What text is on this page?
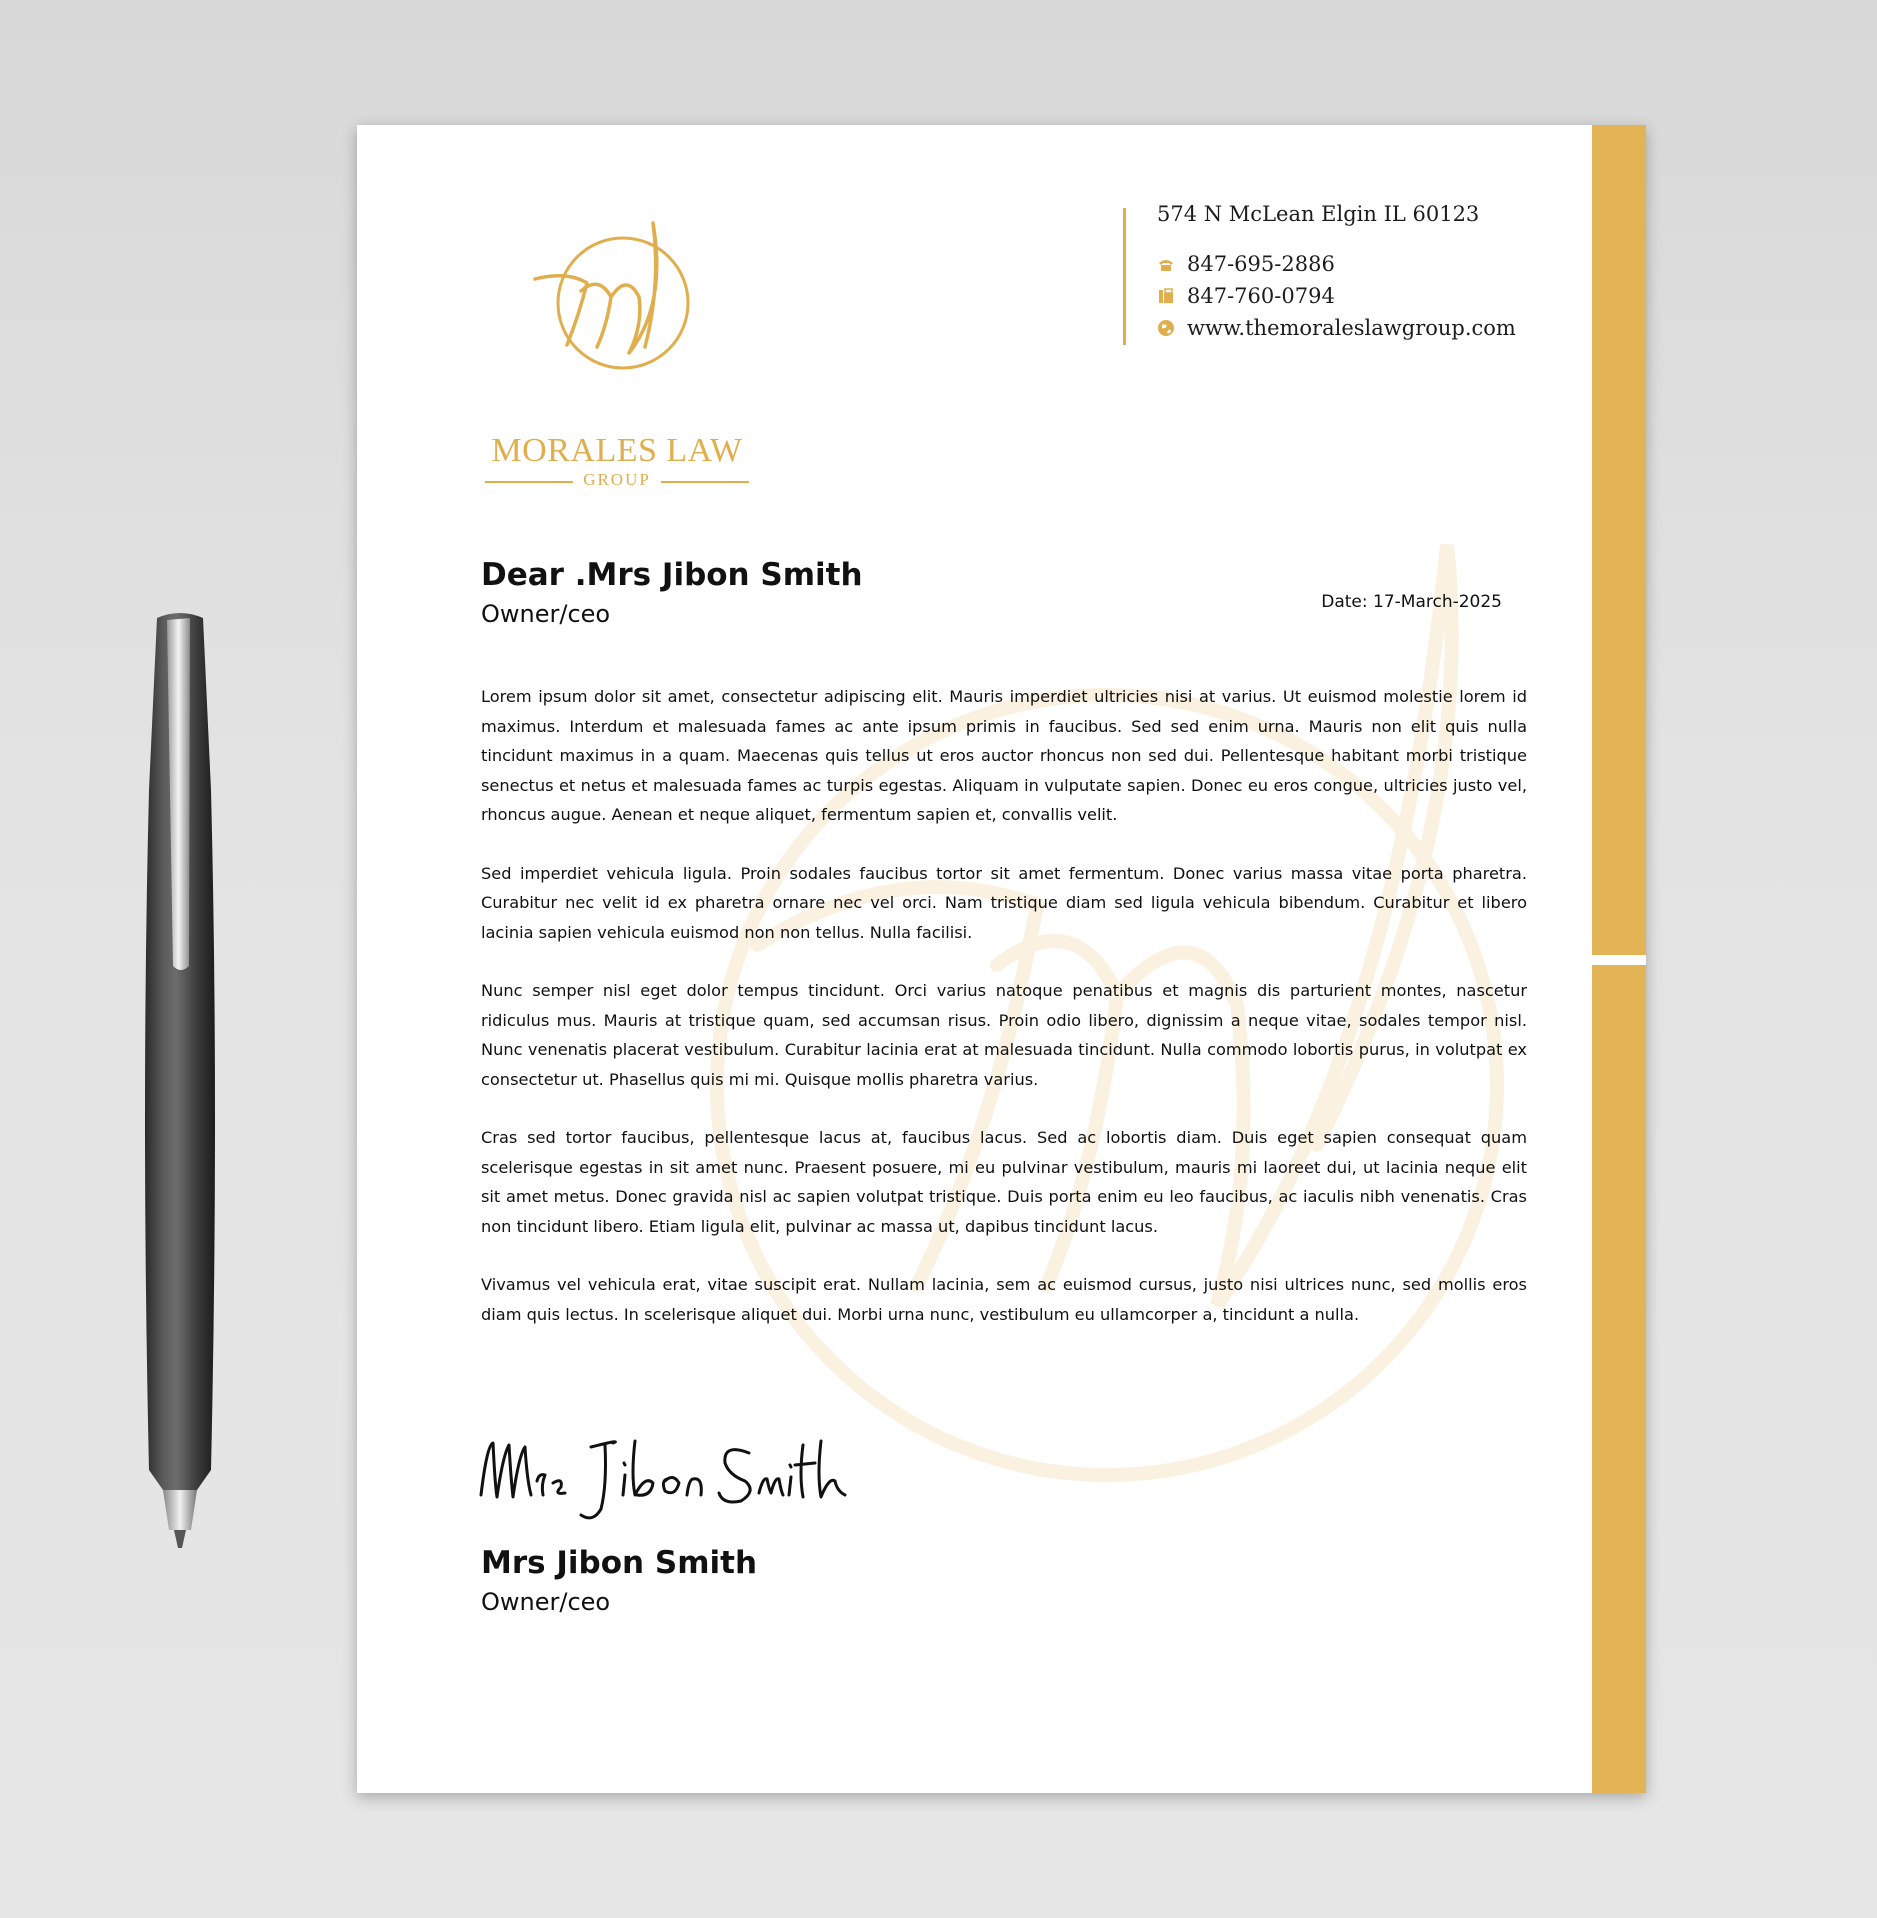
MORALES LAW
GROUP
574 N McLean Elgin IL 60123
847-695-2886
847-760-0794
www.themoraleslawgroup.com
Dear .Mrs Jibon Smith
Owner/ceo	Date: 17-March-2025

Lorem ipsum dolor sit amet, consectetur adipiscing elit. Mauris imperdiet ultricies nisi at varius. Ut euismod molestie lorem id maximus. Interdum et malesuada fames ac ante ipsum primis in faucibus. Sed sed enim urna. Mauris non elit quis nulla tincidunt maximus in a quam. Maecenas quis tellus ut eros auctor rhoncus non sed dui. Pellentesque habitant morbi tristique senectus et netus et malesuada fames ac turpis egestas. Aliquam in vulputate sapien. Donec eu eros congue, ultricies justo vel, rhoncus augue. Aenean et neque aliquet, fermentum sapien et, convallis velit.

Sed imperdiet vehicula ligula. Proin sodales faucibus tortor sit amet fermentum. Donec varius massa vitae porta pharetra. Curabitur nec velit id ex pharetra ornare nec vel orci. Nam tristique diam sed ligula vehicula bibendum. Curabitur et libero lacinia sapien vehicula euismod non non tellus. Nulla facilisi.

Nunc semper nisl eget dolor tempus tincidunt. Orci varius natoque penatibus et magnis dis parturient montes, nascetur ridiculus mus. Mauris at tristique quam, sed accumsan risus. Proin odio libero, dignissim a neque vitae, sodales tempor nisl. Nunc venenatis placerat vestibulum. Curabitur lacinia erat at malesuada tincidunt. Nulla commodo lobortis purus, in volutpat ex consectetur ut. Phasellus quis mi mi. Quisque mollis pharetra varius.

Cras sed tortor faucibus, pellentesque lacus at, faucibus lacus. Sed ac lobortis diam. Duis eget sapien consequat quam scelerisque egestas in sit amet nunc. Praesent posuere, mi eu pulvinar vestibulum, mauris mi laoreet dui, ut lacinia neque elit sit amet metus. Donec gravida nisl ac sapien volutpat tristique. Duis porta enim eu leo faucibus, ac iaculis nibh venenatis. Cras non tincidunt libero. Etiam ligula elit, pulvinar ac massa ut, dapibus tincidunt lacus.

Vivamus vel vehicula erat, vitae suscipit erat. Nullam lacinia, sem ac euismod cursus, justo nisi ultrices nunc, sed mollis eros diam quis lectus. In scelerisque aliquet dui. Morbi urna nunc, vestibulum eu ullamcorper a, tincidunt a nulla.

Mrs Jibon Smith
Owner/ceo
